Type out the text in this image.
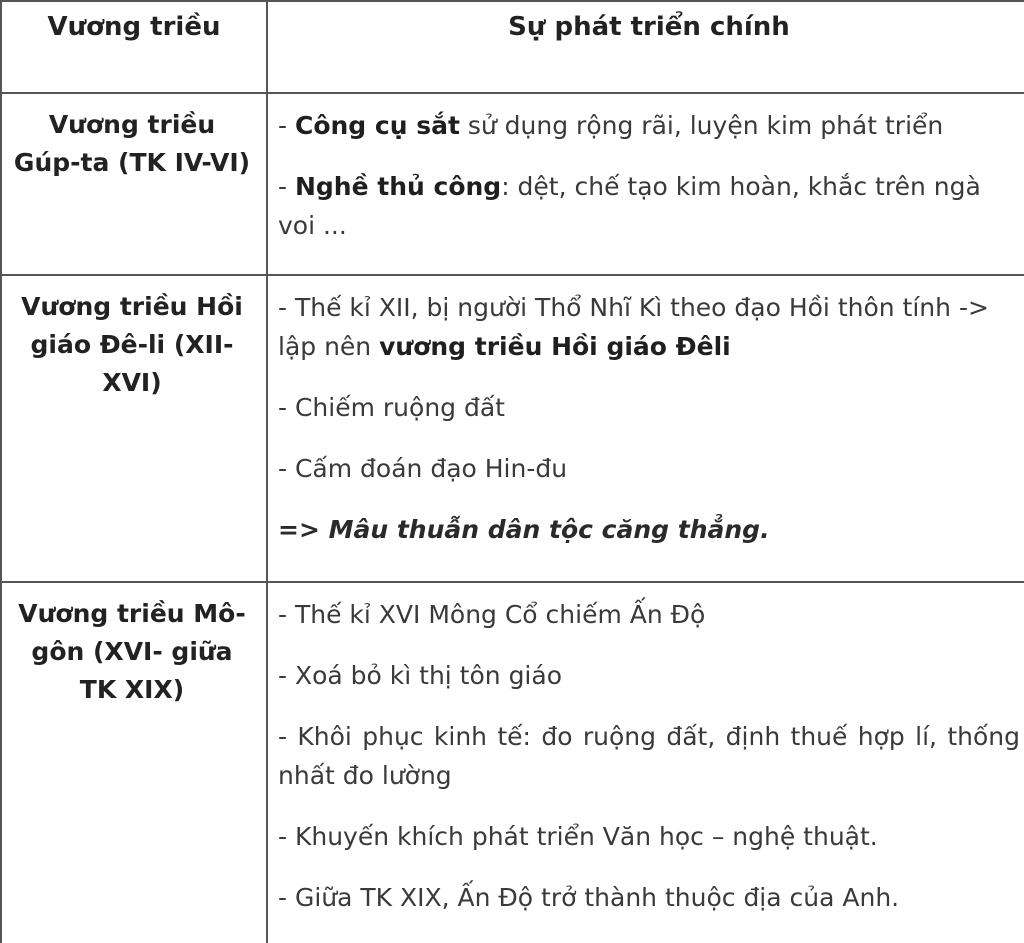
Vương triều	Sự phát triển chính
Vương triều Gúp-ta (TK IV-VI)	- Công cụ sắt sử dụng rộng rãi, luyện kim phát triển

- Nghề thủ công: dệt, chế tạo kim hoàn, khắc trên ngà voi ...

Vương triều Hồi giáo Đê-li (XII-XVI)	- Thế kỉ XII, bị người Thổ Nhĩ Kì theo đạo Hồi thôn tính -> lập nên vương triều Hồi giáo Đêli

- Chiếm ruộng đất

- Cấm đoán đạo Hin-đu

=> Mâu thuẫn dân tộc căng thẳng.

Vương triều Mô-gôn (XVI- giữa TK XIX)	- Thế kỉ XVI Mông Cổ chiếm Ấn Độ

- Xoá bỏ kì thị tôn giáo

- Khôi phục kinh tế: đo ruộng đất, định thuế hợp lí, thống nhất đo lường

- Khuyến khích phát triển Văn học – nghệ thuật.

- Giữa TK XIX, Ấn Độ trở thành thuộc địa của Anh.
